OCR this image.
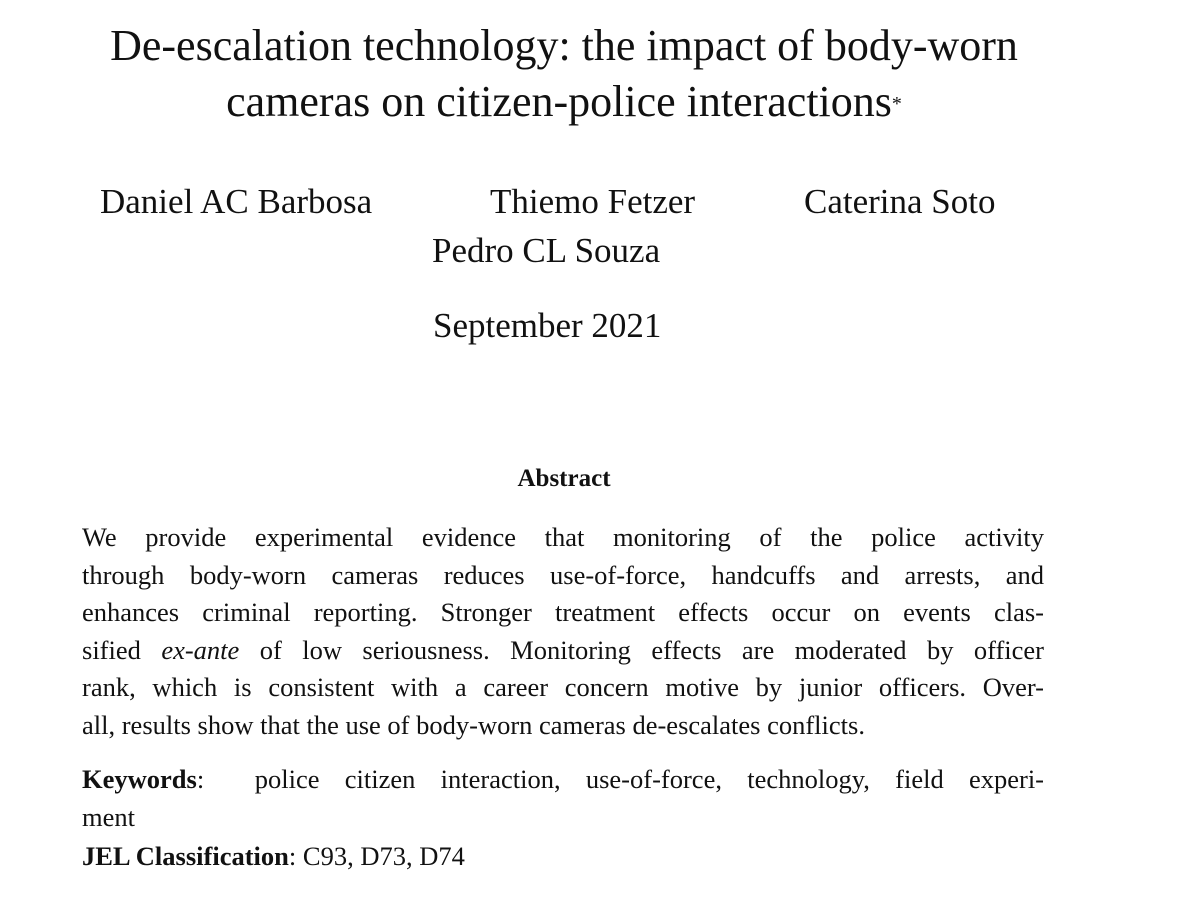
De-escalation technology: the impact of body-worn
cameras on citizen-police interactions*
Daniel AC Barbosa	Thiemo Fetzer	Caterina Soto
Pedro CL Souza
September 2021
Abstract
We provide experimental evidence that monitoring of the police activity
through body-worn cameras reduces use-of-force, handcuffs and arrests, and
enhances criminal reporting. Stronger treatment effects occur on events clas-
sified ex-ante of low seriousness. Monitoring effects are moderated by officer
rank, which is consistent with a career concern motive by junior officers. Over-
all, results show that the use of body-worn cameras de-escalates conflicts.
Keywords: police citizen interaction, use-of-force, technology, field experi-
ment
JEL Classification: C93, D73, D74
